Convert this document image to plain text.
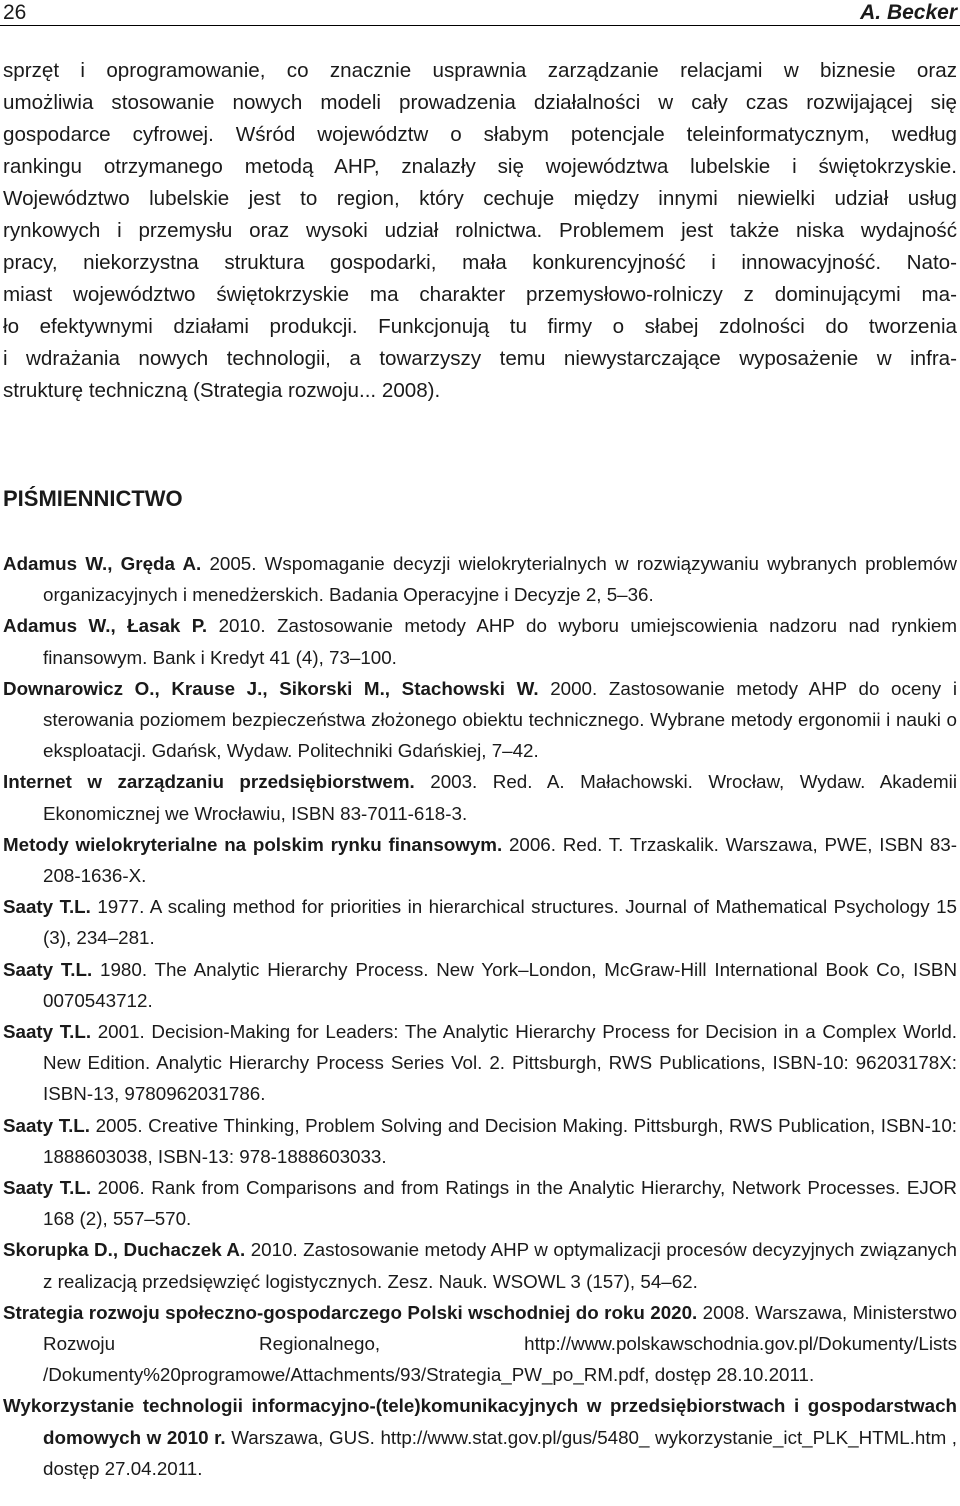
26	A. Becker
sprzęt i oprogramowanie, co znacznie usprawnia zarządzanie relacjami w biznesie oraz
umożliwia stosowanie nowych modeli prowadzenia działalności w cały czas rozwijającej się
gospodarce cyfrowej. Wśród województw o słabym potencjale teleinformatycznym, według
rankingu otrzymanego metodą AHP, znalazły się województwa lubelskie i świętokrzyskie.
Województwo lubelskie jest to region, który cechuje między innymi niewielki udział usług
rynkowych i przemysłu oraz wysoki udział rolnictwa. Problemem jest także niska wydajność
pracy, niekorzystna struktura gospodarki, mała konkurencyjność i innowacyjność. Nato-
miast województwo świętokrzyskie ma charakter przemysłowo-rolniczy z dominującymi ma-
ło efektywnymi działami produkcji. Funkcjonują tu firmy o słabej zdolności do tworzenia
i wdrażania nowych technologii, a towarzyszy temu niewystarczające wyposażenie w infra-
strukturę techniczną (Strategia rozwoju... 2008).
PIŚMIENNICTWO

Adamus W., Gręda A. 2005. Wspomaganie decyzji wielokryterialnych w rozwiązywaniu wybranych problemów organizacyjnych i menedżerskich. Badania Operacyjne i Decyzje 2, 5–36.

Adamus W., Łasak P. 2010. Zastosowanie metody AHP do wyboru umiejscowienia nadzoru nad rynkiem finansowym. Bank i Kredyt 41 (4), 73–100.

Downarowicz O., Krause J., Sikorski M., Stachowski W. 2000. Zastosowanie metody AHP do oceny i sterowania poziomem bezpieczeństwa złożonego obiektu technicznego. Wybrane metody ergonomii i nauki o eksploatacji. Gdańsk, Wydaw. Politechniki Gdańskiej, 7–42.

Internet w zarządzaniu przedsiębiorstwem. 2003. Red. A. Małachowski. Wrocław, Wydaw. Akademii Ekonomicznej we Wrocławiu, ISBN 83-7011-618-3.

Metody wielokryterialne na polskim rynku finansowym. 2006. Red. T. Trzaskalik. Warszawa, PWE, ISBN 83-208-1636-X.

Saaty T.L. 1977. A scaling method for priorities in hierarchical structures. Journal of Mathematical Psychology 15 (3), 234–281.

Saaty T.L. 1980. The Analytic Hierarchy Process. New York–London, McGraw-Hill International Book Co, ISBN 0070543712.

Saaty T.L. 2001. Decision-Making for Leaders: The Analytic Hierarchy Process for Decision in a Complex World. New Edition. Analytic Hierarchy Process Series Vol. 2. Pittsburgh, RWS Publications, ISBN-10: 96203178X: ISBN-13, 9780962031786.

Saaty T.L. 2005. Creative Thinking, Problem Solving and Decision Making. Pittsburgh, RWS Publication, ISBN-10: 1888603038, ISBN-13: 978-1888603033.

Saaty T.L. 2006. Rank from Comparisons and from Ratings in the Analytic Hierarchy, Network Processes. EJOR 168 (2), 557–570.

Skorupka D., Duchaczek A. 2010. Zastosowanie metody AHP w optymalizacji procesów decyzyjnych związanych z realizacją przedsięwzięć logistycznych. Zesz. Nauk. WSOWL 3 (157), 54–62.

Strategia rozwoju społeczno-gospodarczego Polski wschodniej do roku 2020. 2008. Warszawa, Ministerstwo Rozwoju Regionalnego, http://www.polskawschodnia.gov.pl/Dokumenty/Lists /Dokumenty%20programowe/Attachments/93/Strategia_PW_po_RM.pdf, dostęp 28.10.2011.

Wykorzystanie technologii informacyjno-(tele)komunikacyjnych w przedsiębiorstwach i gospodarstwach domowych w 2010 r. Warszawa, GUS. http://www.stat.gov.pl/gus/5480_ wykorzystanie_ict_PLK_HTML.htm , dostęp 27.04.2011.
